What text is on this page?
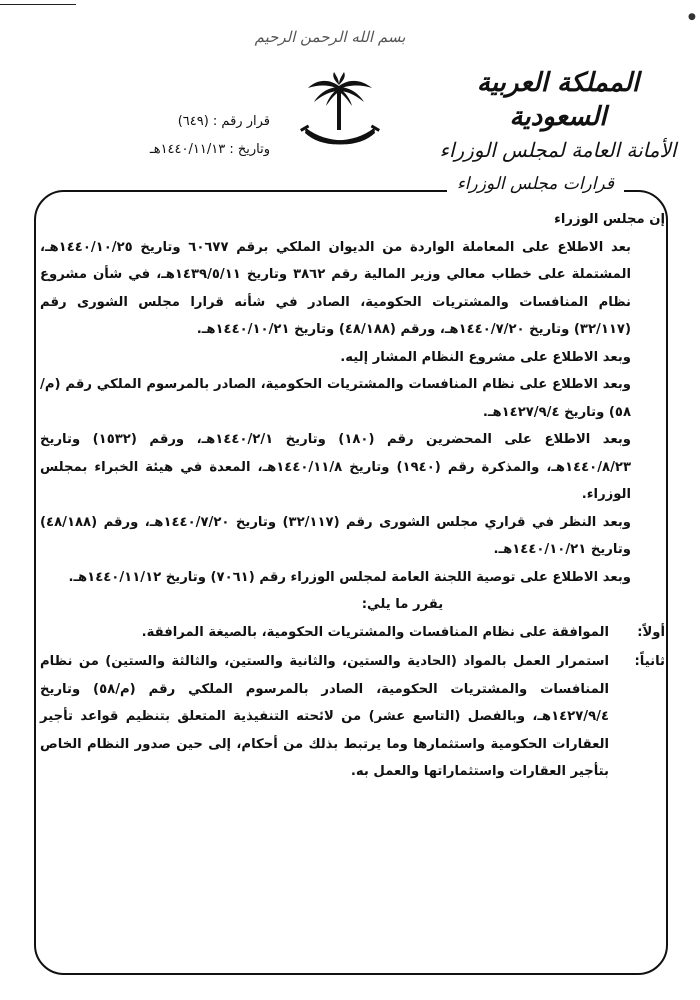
●
بسم الله الرحمن الرحيم
المملكة العربية السعودية
الأمانة العامة لمجلس الوزراء
قرار رقم : (٦٤٩)
وتاريخ : ١٤٤٠/١١/١٣هـ
قرارات مجلس الوزراء

إن مجلس الوزراء

بعد الاطلاع على المعاملة الواردة من الديوان الملكي برقم ٦٠٦٧٧ وتاريخ ١٤٤٠/١٠/٢٥هـ، المشتملة على خطاب معالي وزير المالية رقم ٣٨٦٢ وتاريخ ١٤٣٩/٥/١١هـ، في شأن مشروع نظام المنافسات والمشتريات الحكومية، الصادر في شأنه قرارا مجلس الشورى رقم (٣٢/١١٧) وتاريخ ١٤٤٠/٧/٢٠هـ، ورقم (٤٨/١٨٨) وتاريخ ١٤٤٠/١٠/٢١هـ.

وبعد الاطلاع على مشروع النظام المشار إليه.

وبعد الاطلاع على نظام المنافسات والمشتريات الحكومية، الصادر بالمرسوم الملكي رقم (م/٥٨) وتاريخ ١٤٢٧/٩/٤هـ.

وبعد الاطلاع على المحضرين رقم (١٨٠) وتاريخ ١٤٤٠/٢/١هـ، ورقم (١٥٣٢) وتاريخ ١٤٤٠/٨/٢٣هـ، والمذكرة رقم (١٩٤٠) وتاريخ ١٤٤٠/١١/٨هـ، المعدة في هيئة الخبراء بمجلس الوزراء.

وبعد النظر في قراري مجلس الشورى رقم (٣٢/١١٧) وتاريخ ١٤٤٠/٧/٢٠هـ، ورقم (٤٨/١٨٨) وتاريخ ١٤٤٠/١٠/٢١هـ.

وبعد الاطلاع على توصية اللجنة العامة لمجلس الوزراء رقم (٧٠٦١) وتاريخ ١٤٤٠/١١/١٢هـ.

يقرر ما يلي:

أولاً:
الموافقة على نظام المنافسات والمشتريات الحكومية، بالصيغة المرافقة.
ثانياً:
استمرار العمل بالمواد (الحادية والستين، والثانية والستين، والثالثة والستين) من نظام المنافسات والمشتريات الحكومية، الصادر بالمرسوم الملكي رقم (م/٥٨) وتاريخ ١٤٢٧/٩/٤هـ، وبالفصل (التاسع عشر) من لائحته التنفيذية المتعلق بتنظيم قواعد تأجير العقارات الحكومية واستثمارها وما يرتبط بذلك من أحكام، إلى حين صدور النظام الخاص بتأجير العقارات واستثماراتها والعمل به.
